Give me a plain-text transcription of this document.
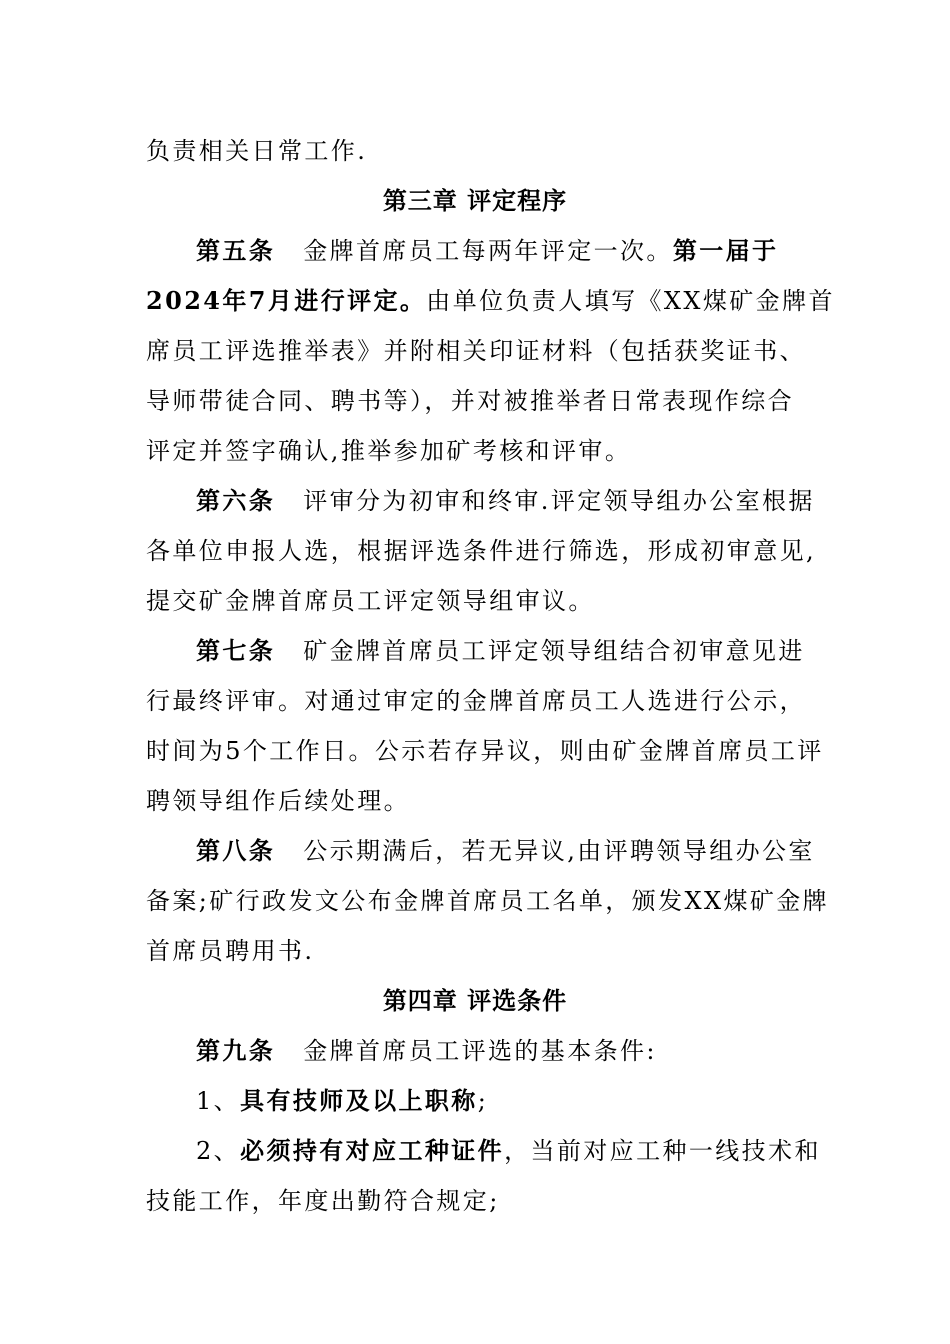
负责相关日常工作.
第三章 评定程序
第五条 金牌首席员工每两年评定一次。第一届于
2024年7月进行评定。由单位负责人填写《XX煤矿金牌首
席员工评选推举表》并附相关印证材料（包括获奖证书、
导师带徒合同、聘书等），并对被推举者日常表现作综合
评定并签字确认,推举参加矿考核和评审。
第六条 评审分为初审和终审.评定领导组办公室根据
各单位申报人选，根据评选条件进行筛选，形成初审意见,
提交矿金牌首席员工评定领导组审议。
第七条 矿金牌首席员工评定领导组结合初审意见进
行最终评审。对通过审定的金牌首席员工人选进行公示，
时间为5个工作日。公示若存异议，则由矿金牌首席员工评
聘领导组作后续处理。
第八条 公示期满后，若无异议,由评聘领导组办公室
备案;矿行政发文公布金牌首席员工名单，颁发XX煤矿金牌
首席员聘用书.
第四章 评选条件
第九条 金牌首席员工评选的基本条件:
1、具有技师及以上职称;
2、必须持有对应工种证件，当前对应工种一线技术和
技能工作，年度出勤符合规定;
